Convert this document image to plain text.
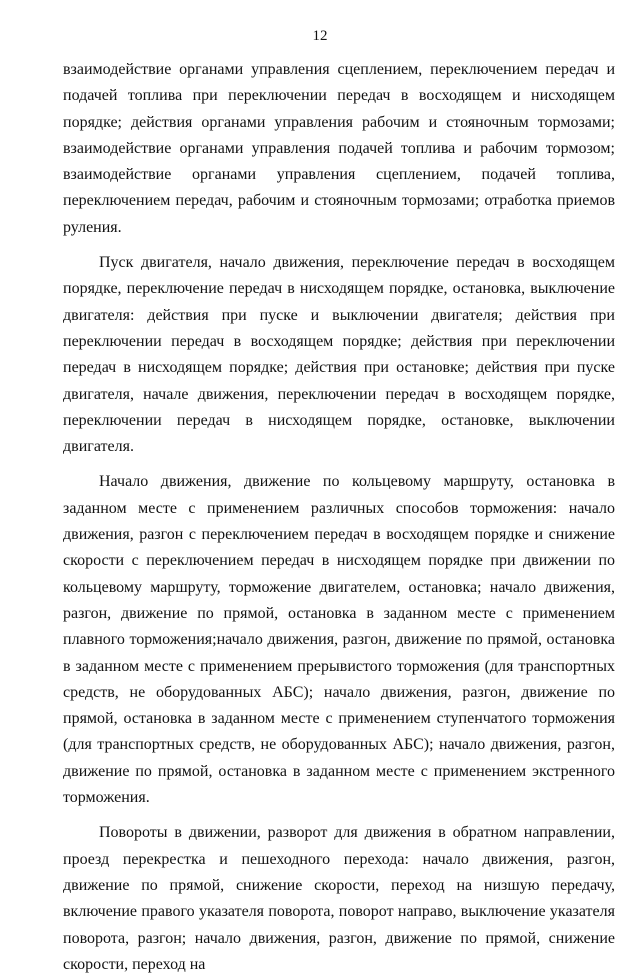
12

взаимодействие органами управления сцеплением, переключением передач и подачей топлива при переключении передач в восходящем и нисходящем порядке; действия органами управления рабочим и стояночным тормозами; взаимодействие органами управления подачей топлива и рабочим тормозом; взаимодействие органами управления сцеплением, подачей топлива, переключением передач, рабочим и стояночным тормозами; отработка приемов руления.

Пуск двигателя, начало движения, переключение передач в восходящем порядке, переключение передач в нисходящем порядке, остановка, выключение двигателя: действия при пуске и выключении двигателя; действия при переключении передач в восходящем порядке; действия при переключении передач в нисходящем порядке; действия при остановке; действия при пуске двигателя, начале движения, переключении передач в восходящем порядке, переключении передач в нисходящем порядке, остановке, выключении двигателя.

Начало движения, движение по кольцевому маршруту, остановка в заданном месте с применением различных способов торможения: начало движения, разгон с переключением передач в восходящем порядке и снижение скорости с переключением передач в нисходящем порядке при движении по кольцевому маршруту, торможение двигателем, остановка; начало движения, разгон, движение по прямой, остановка в заданном месте с применением плавного торможения;начало движения, разгон, движение по прямой, остановка в заданном месте с применением прерывистого торможения (для транспортных средств, не оборудованных АБС); начало движения, разгон, движение по прямой, остановка в заданном месте с применением ступенчатого торможения (для транспортных средств, не оборудованных АБС); начало движения, разгон, движение по прямой, остановка в заданном месте с применением экстренного торможения.

Повороты в движении, разворот для движения в обратном направлении, проезд перекрестка и пешеходного перехода: начало движения, разгон, движение по прямой, снижение скорости, переход на низшую передачу, включение правого указателя поворота, поворот направо, выключение указателя поворота, разгон; начало движения, разгон, движение по прямой, снижение скорости, переход на
